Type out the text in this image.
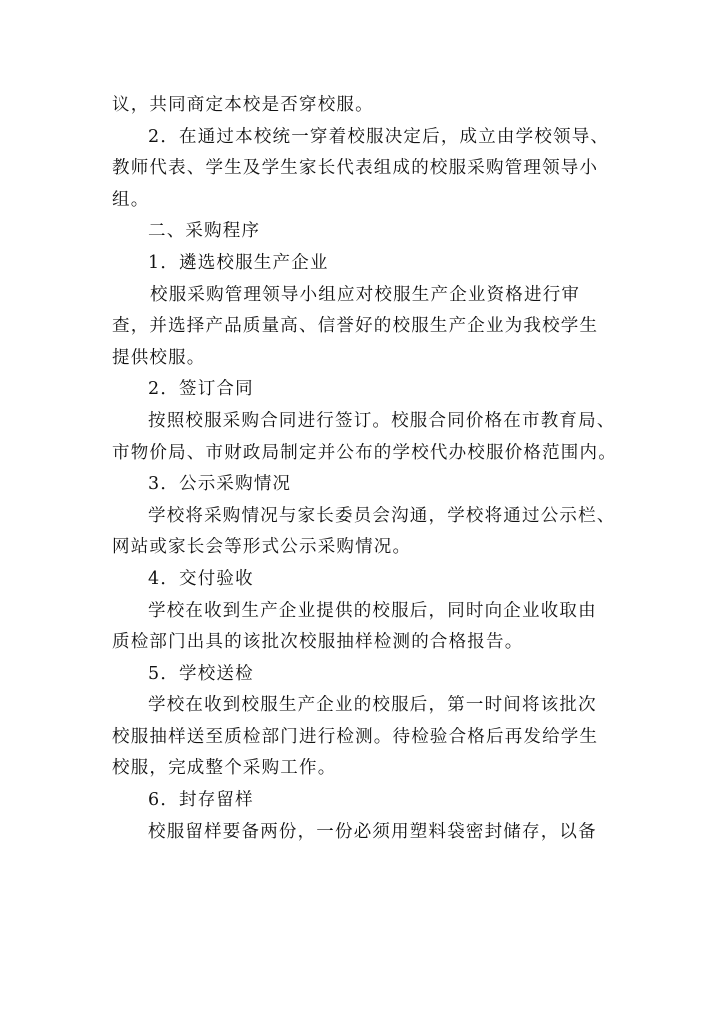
议，共同商定本校是否穿校服。
2．在通过本校统一穿着校服决定后，成立由学校领导、
教师代表、学生及学生家长代表组成的校服采购管理领导小
组。
二、采购程序
1．遴选校服生产企业
校服采购管理领导小组应对校服生产企业资格进行审
查，并选择产品质量高、信誉好的校服生产企业为我校学生
提供校服。
2．签订合同
按照校服采购合同进行签订。校服合同价格在市教育局、
市物价局、市财政局制定并公布的学校代办校服价格范围内。
3．公示采购情况
学校将采购情况与家长委员会沟通，学校将通过公示栏、
网站或家长会等形式公示采购情况。
4．交付验收
学校在收到生产企业提供的校服后，同时向企业收取由
质检部门出具的该批次校服抽样检测的合格报告。
5．学校送检
学校在收到校服生产企业的校服后，第一时间将该批次
校服抽样送至质检部门进行检测。待检验合格后再发给学生
校服，完成整个采购工作。
6．封存留样
校服留样要备两份，一份必须用塑料袋密封储存，以备
